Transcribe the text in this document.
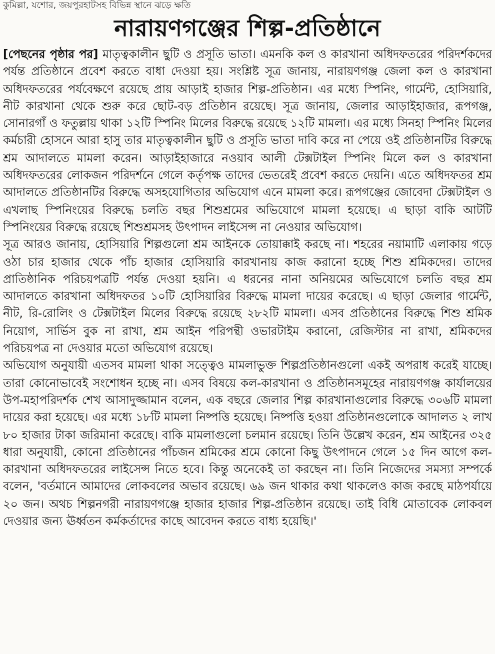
কুমিল্লা, যশোর, জয়পুরহাটসহ বিভিন্ন স্থানে ঝড়ে ক্ষতি
নারায়ণগঞ্জের শিল্প-প্রতিষ্ঠানে

[পেছনের পৃষ্ঠার পর] মাতৃত্বকালীন ছুটি ও প্রসূতি ভাতা। এমনকি কল ও কারখানা অধিদফতরের পরিদর্শকদের পর্যন্ত প্রতিষ্ঠানে প্রবেশ করতে বাধা দেওয়া হয়। সংশ্লিষ্ট সূত্র জানায়, নারায়ণগঞ্জ জেলা কল ও কারখানা অধিদফতরের পর্যবেক্ষণে রয়েছে প্রায় আড়াই হাজার শিল্প-প্রতিষ্ঠান। এর মধ্যে স্পিনিং, গার্মেন্ট, হোসিয়ারি, নীট কারখানা থেকে শুরু করে ছোট-বড় প্রতিষ্ঠান রয়েছে। সূত্র জানায়, জেলার আড়াইহাজার, রূপগঞ্জ, সোনারগাঁ ও ফতুল্লায় থাকা ১২টি স্পিনিং মিলের বিরুদ্ধে রয়েছে ১২টি মামলা। এর মধ্যে সিনহা স্পিনিং মিলের কর্মচারী হোসনে আরা হাসু তার মাতৃত্বকালীন ছুটি ও প্রসূতি ভাতা দাবি করে না পেয়ে ওই প্রতিষ্ঠানটির বিরুদ্ধে শ্রম আদালতে মামলা করেন। আড়াইহাজারে নওয়াব আলী টেক্সটাইল স্পিনিং মিলে কল ও কারখানা অধিদফতরের লোকজন পরিদর্শনে গেলে কর্তৃপক্ষ তাদের ভেতরেই প্রবেশ করতে দেয়নি। এতে অধিদফতর শ্রম আদালতে প্রতিষ্ঠানটির বিরুদ্ধে অসহযোগিতার অভিযোগ এনে মামলা করে। রূপগঞ্জের জোবেদা টেক্সটাইল ও এখলাছ স্পিনিংয়ের বিরুদ্ধে চলতি বছর শিশুশ্রমের অভিযোগে মামলা হয়েছে। এ ছাড়া বাকি আটটি স্পিনিংয়ের বিরুদ্ধে রয়েছে শিশুশ্রমসহ উৎপাদন লাইসেন্স না নেওয়ার অভিযোগ।

সূত্র আরও জানায়, হোসিয়ারি শিল্পগুলো শ্রম আইনকে তোয়াক্কাই করছে না। শহরের নয়ামাটি এলাকায় গড়ে ওঠা চার হাজার থেকে পাঁচ হাজার হোসিয়ারি কারখানায় কাজ করানো হচ্ছে শিশু শ্রমিকদের। তাদের প্রাতিষ্ঠানিক পরিচয়পত্রটি পর্যন্ত দেওয়া হয়নি। এ ধরনের নানা অনিয়মের অভিযোগে চলতি বছর শ্রম আদালতে কারখানা অধিদফতর ১০টি হোসিয়ারির বিরুদ্ধে মামলা দায়ের করেছে। এ ছাড়া জেলার গার্মেন্ট, নীট, রি-রোলিং ও টেক্সটাইল মিলের বিরুদ্ধে রয়েছে ২৮২টি মামলা। এসব প্রতিষ্ঠানের বিরুদ্ধে শিশু শ্রমিক নিয়োগ, সার্ভিস বুক না রাখা, শ্রম আইন পরিপন্থী ওভারটাইম করানো, রেজিস্টার না রাখা, শ্রমিকদের পরিচয়পত্র না দেওয়ার মতো অভিযোগ রয়েছে।

অভিযোগ অনুযায়ী এতসব মামলা থাকা সত্ত্বেও মামলাভুক্ত শিল্পপ্রতিষ্ঠানগুলো একই অপরাধ করেই যাচ্ছে। তারা কোনোভাবেই সংশোধন হচ্ছে না। এসব বিষয়ে কল-কারখানা ও প্রতিষ্ঠানসমূহের নারায়ণগঞ্জ কার্যালয়ের উপ-মহাপরিদর্শক শেখ আসাদুজ্জামান বলেন, এক বছরে জেলার শিল্প কারখানাগুলোর বিরুদ্ধে ৩০৬টি মামলা দায়ের করা হয়েছে। এর মধ্যে ১৮টি মামলা নিষ্পত্তি হয়েছে। নিষ্পত্তি হওয়া প্রতিষ্ঠানগুলোকে আদালত ২ লাখ ৮০ হাজার টাকা জরিমানা করেছে। বাকি মামলাগুলো চলমান রয়েছে। তিনি উল্লেখ করেন, শ্রম আইনের ৩২৫ ধারা অনুযায়ী, কোনো প্রতিষ্ঠানের পাঁচজন শ্রমিকের শ্রমে কোনো কিছু উৎপাদনে গেলে ১৫ দিন আগে কল-কারখানা অধিদফতরের লাইসেন্স নিতে হবে। কিন্তু অনেকেই তা করছেন না। তিনি নিজেদের সমস্যা সম্পর্কে বলেন, 'বর্তমানে আমাদের লোকবলের অভাব রয়েছে। ৬৯ জন থাকার কথা থাকলেও কাজ করছে মাঠপর্যায়ে ২০ জন। অথচ শিল্পনগরী নারায়ণগঞ্জে হাজার হাজার শিল্প-প্রতিষ্ঠান রয়েছে। তাই বিধি মোতাবেক লোকবল দেওয়ার জন্য ঊর্ধ্বতন কর্মকর্তাদের কাছে আবেদন করতে বাধ্য হয়েছি।'
